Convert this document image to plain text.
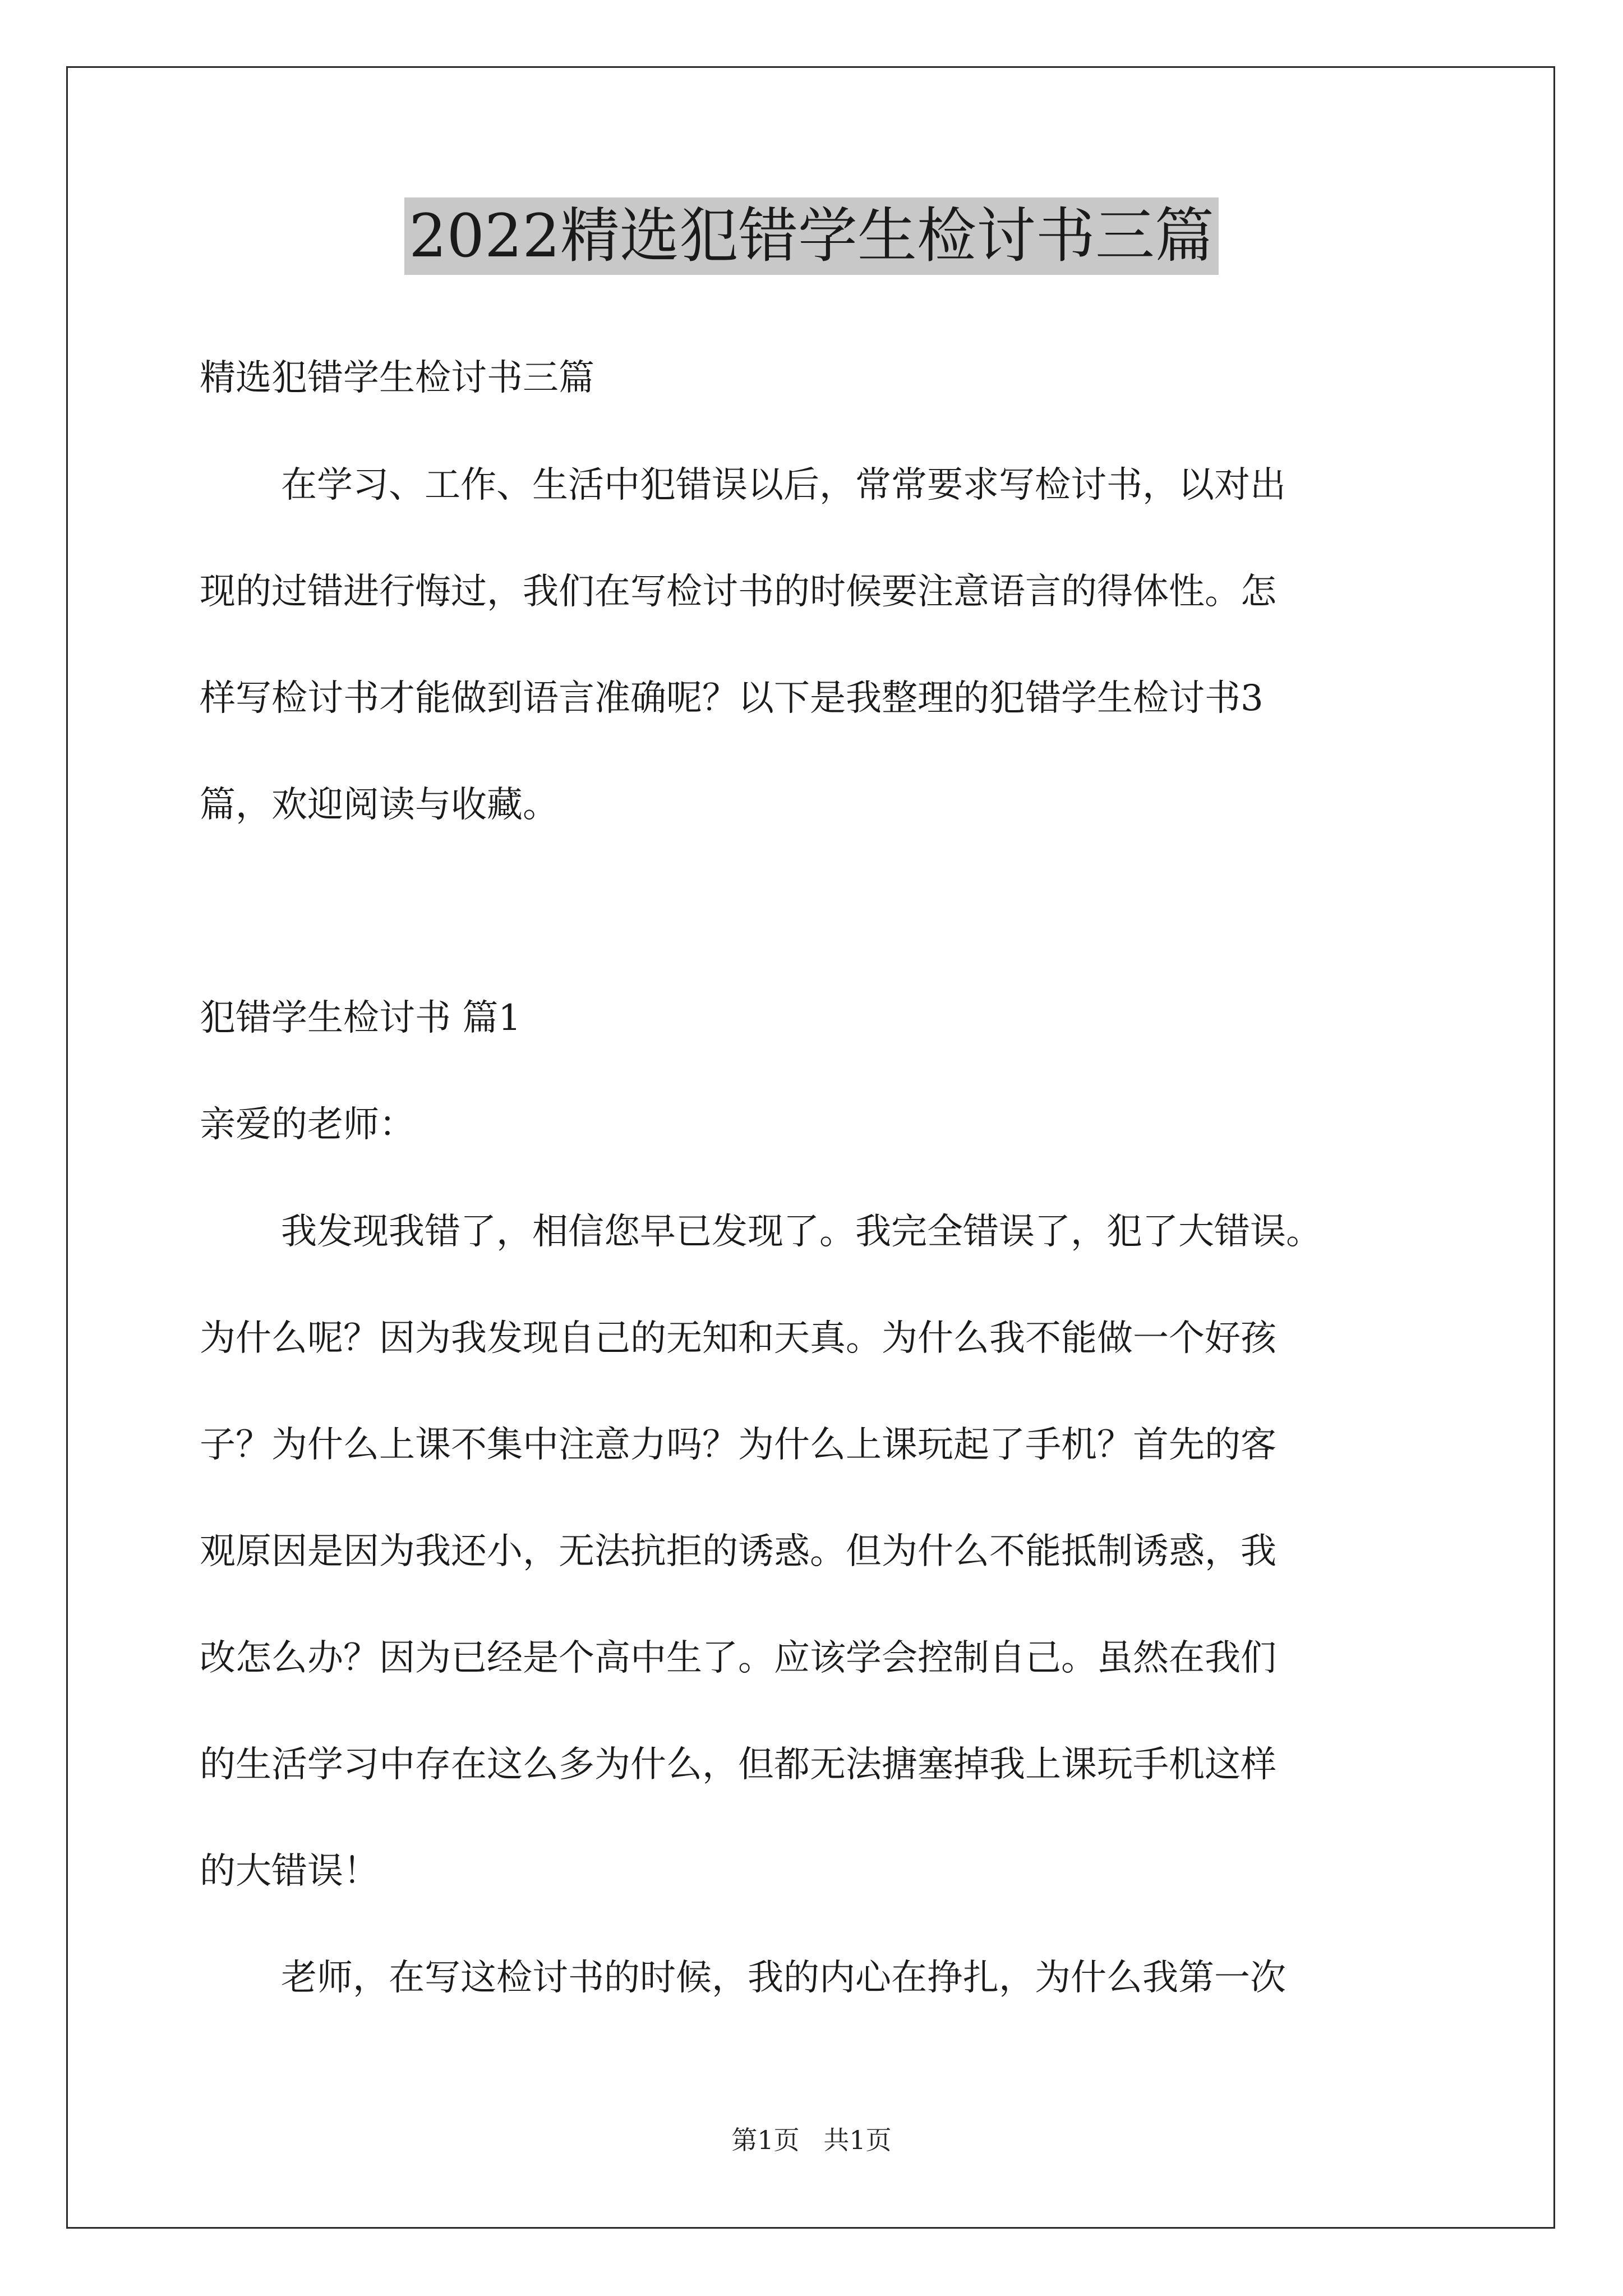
2022精选犯错学生检讨书三篇
精选犯错学生检讨书三篇
在学习、工作、生活中犯错误以后，常常要求写检讨书，以对出
现的过错进行悔过，我们在写检讨书的时候要注意语言的得体性。怎
样写检讨书才能做到语言准确呢？以下是我整理的犯错学生检讨书3
篇，欢迎阅读与收藏。
犯错学生检讨书 篇1
亲爱的老师：
我发现我错了，相信您早已发现了。我完全错误了，犯了大错误。
为什么呢？因为我发现自己的无知和天真。为什么我不能做一个好孩
子？为什么上课不集中注意力吗？为什么上课玩起了手机？首先的客
观原因是因为我还小，无法抗拒的诱惑。但为什么不能抵制诱惑，我
改怎么办？因为已经是个高中生了。应该学会控制自己。虽然在我们
的生活学习中存在这么多为什么，但都无法搪塞掉我上课玩手机这样
的大错误！
老师，在写这检讨书的时候，我的内心在挣扎，为什么我第一次
第1页 共1页
